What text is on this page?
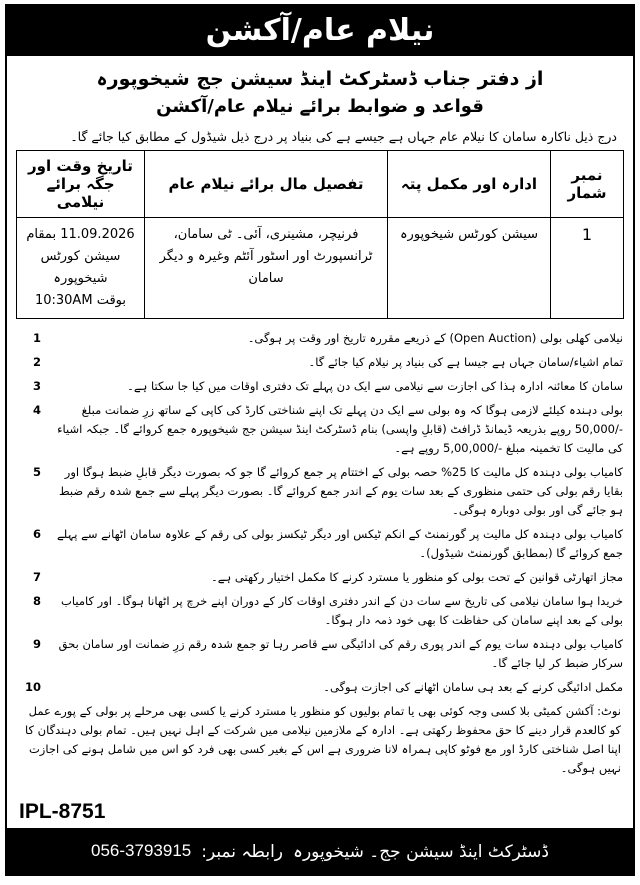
نیلام عام/آکشن
از دفتر جناب ڈسٹرکٹ اینڈ سیشن جج شیخوپورہ
قواعد و ضوابط برائے نیلام عام/آکشن
درج ذیل ناکارہ سامان کا نیلام عام جہاں ہے جیسے ہے کی بنیاد پر درج ذیل شیڈول کے مطابق کیا جائے گا۔
نمبر شمار	ادارہ اور مکمل پتہ	تفصیل مال برائے نیلام عام	تاریخ وقت اور جگہ برائے نیلامی
1	سیشن کورٹس شیخوپورہ	فرنیچر، مشینری، آئی۔ ٹی سامان، ٹرانسپورٹ اور اسٹور آئٹم وغیرہ و دیگر سامان	11.09.2026 بمقام سیشن کورٹس شیخوپورہ
بوقت 10:30AM
1	نیلامی کھلی بولی (Open Auction) کے ذریعے مقررہ تاریخ اور وقت پر ہوگی۔
2	تمام اشیاء/سامان جہاں ہے جیسا ہے کی بنیاد پر نیلام کیا جائے گا۔
3	سامان کا معائنہ ادارہ ہذا کی اجازت سے نیلامی سے ایک دن پہلے تک دفتری اوقات میں کیا جا سکتا ہے۔
4	بولی دہندہ کیلئے لازمی ہوگا کہ وہ بولی سے ایک دن پہلے تک اپنے شناختی کارڈ کی کاپی کے ساتھ زرِ ضمانت مبلغ -/50,000 روپے بذریعہ ڈیمانڈ ڈرافٹ (قابلِ واپسی) بنام ڈسٹرکٹ اینڈ سیشن جج شیخوپورہ جمع کروائے گا۔ جبکہ اشیاء کی مالیت کا تخمینہ مبلغ -/5,00,000 روپے ہے۔
5	کامیاب بولی دہندہ کل مالیت کا 25% حصہ بولی کے اختتام پر جمع کروائے گا جو کہ بصورت دیگر قابلِ ضبط ہوگا اور بقایا رقم بولی کی حتمی منظوری کے بعد سات یوم کے اندر جمع کروائے گا۔ بصورت دیگر پہلے سے جمع شدہ رقم ضبط ہو جائے گی اور بولی دوبارہ ہوگی۔
6	کامیاب بولی دہندہ کل مالیت پر گورنمنٹ کے انکم ٹیکس اور دیگر ٹیکسز بولی کی رقم کے علاوہ سامان اٹھانے سے پہلے جمع کروائے گا (بمطابق گورنمنٹ شیڈول)۔
7	مجاز اتھارٹی قوانین کے تحت بولی کو منظور یا مسترد کرنے کا مکمل اختیار رکھتی ہے۔
8	خریدا ہوا سامان نیلامی کی تاریخ سے سات دن کے اندر دفتری اوقات کار کے دوران اپنے خرچ پر اٹھانا ہوگا۔ اور کامیاب بولی کے بعد اپنے سامان کی حفاظت کا بھی خود ذمہ دار ہوگا۔
9	کامیاب بولی دہندہ سات یوم کے اندر پوری رقم کی ادائیگی سے قاصر رہا تو جمع شدہ رقم زرِ ضمانت اور سامان بحق سرکار ضبط کر لیا جائے گا۔
10	مکمل ادائیگی کرنے کے بعد ہی سامان اٹھانے کی اجازت ہوگی۔
نوٹ: آکشن کمیٹی بلا کسی وجہ کوئی بھی یا تمام بولیوں کو منظور یا مسترد کرنے یا کسی بھی مرحلے پر بولی کے پورے عمل کو کالعدم قرار دینے کا حق محفوظ رکھتی ہے۔ ادارہ کے ملازمین نیلامی میں شرکت کے اہل نہیں ہیں۔ تمام بولی دہندگان کا اپنا اصل شناختی کارڈ اور مع فوٹو کاپی ہمراہ لانا ضروری ہے اس کے بغیر کسی بھی فرد کو اس میں شامل ہونے کی اجازت نہیں ہوگی۔
IPL-8751
ڈسٹرکٹ اینڈ سیشن جج۔ شیخوپورہ
رابطہ نمبر:
056-3793915
